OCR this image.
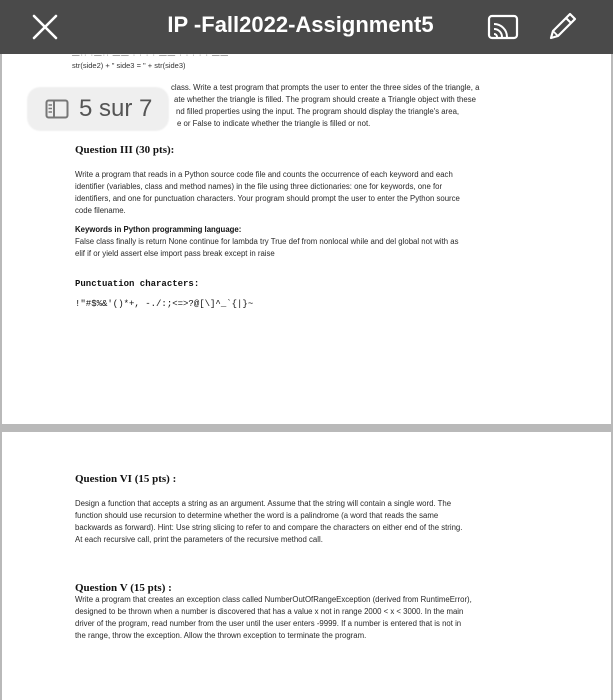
IP -Fall2022-Assignment5
—·· ·—·· —— · · · · —— · · · · · ——
str(side2) + " side3 = " + str(side3)
class. Write a test program that prompts the user to enter the three sides of the triangle, a
ate whether the triangle is filled. The program should create a Triangle object with these
nd filled properties using the input. The program should display the triangle's area,
e or False to indicate whether the triangle is filled or not.
Question III (30 pts):
Write a program that reads in a Python source code file and counts the occurrence of each keyword and each
identifier (variables, class and method names) in the file using three dictionaries: one for keywords, one for
identifiers, and one for punctuation characters. Your program should prompt the user to enter the Python source
code filename.
Keywords in Python programming language:
False class finally is return None continue for lambda try True def from nonlocal while and del global not with as
elif if or yield assert else import pass break except in raise
Punctuation characters:
!"#$%&'()*+, -./:;<=>?@[\]^_`{|}~
5 sur 7
Question VI (15 pts) :
Design a function that accepts a string as an argument. Assume that the string will contain a single word. The
function should use recursion to determine whether the word is a palindrome (a word that reads the same
backwards as forward). Hint: Use string slicing to refer to and compare the characters on either end of the string.
At each recursive call, print the parameters of the recursive method call.
Question V (15 pts) :
Write a program that creates an exception class called NumberOutOfRangeException (derived from RuntimeError),
designed to be thrown when a number is discovered that has a value x not in range 2000 < x < 3000. In the main
driver of the program, read number from the user until the user enters -9999. If a number is entered that is not in
the range, throw the exception. Allow the thrown exception to terminate the program.
